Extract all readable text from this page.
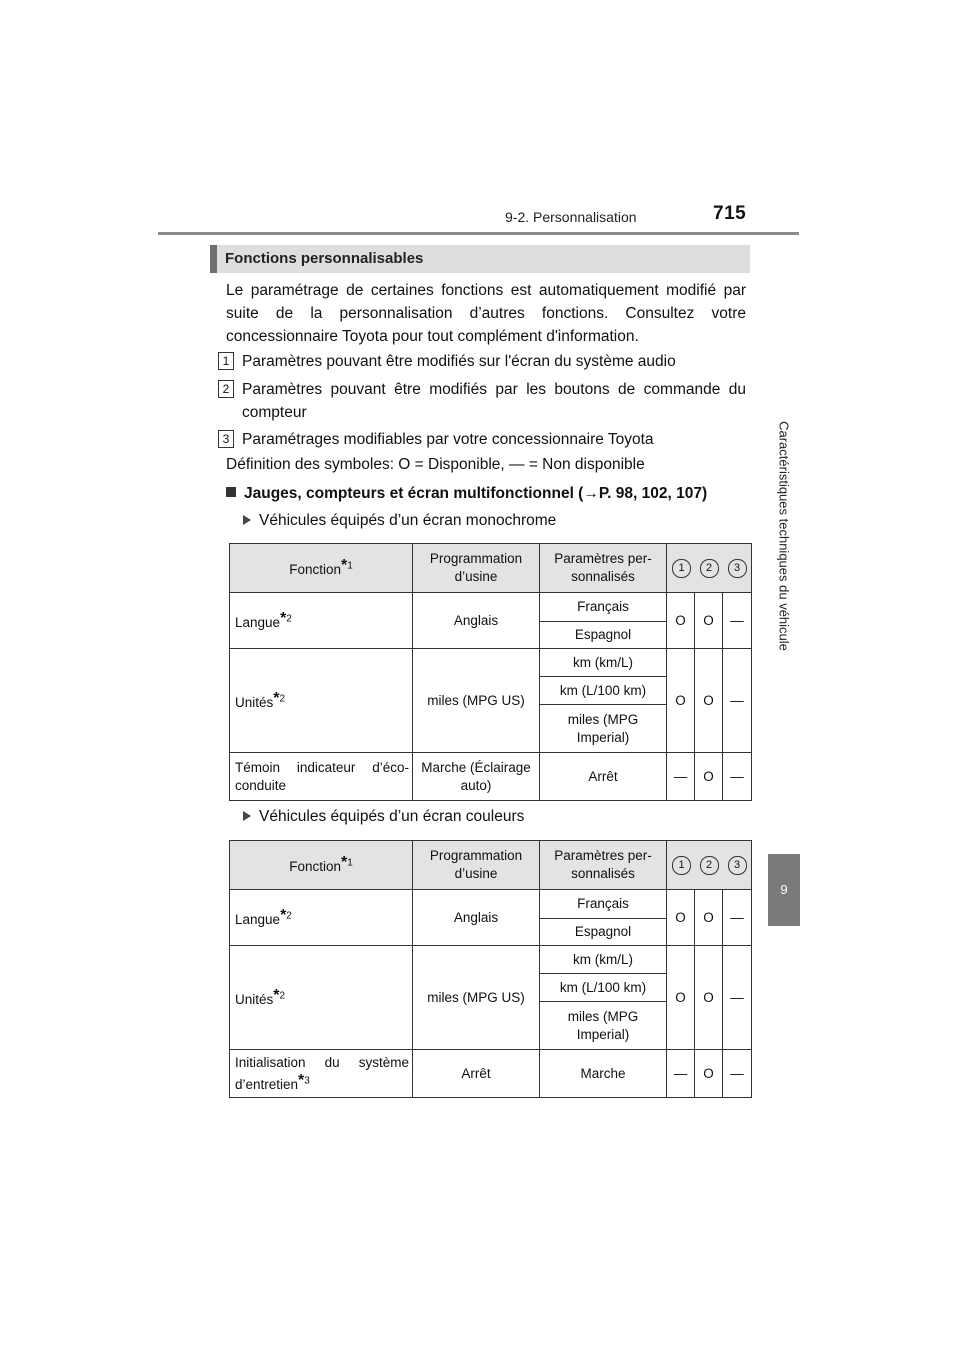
9-2. Personnalisation	715
Caractéristiques techniques du véhicule
9
Fonctions personnalisables
Le paramétrage de certaines fonctions est automatiquement modifié par suite de la personnalisation d’autres fonctions. Consultez votre concessionnaire Toyota pour tout complément d'information.
1 Paramètres pouvant être modifiés sur l'écran du système audio
2 Paramètres pouvant être modifiés par les boutons de commande du compteur
3 Paramétrages modifiables par votre concessionnaire Toyota
Définition des symboles: O = Disponible, — = Non disponible
Jauges, compteurs et écran multifonctionnel (→P. 98, 102, 107)
Véhicules équipés d’un écran monochrome
Fonction*$^1$	Programmation d’usine	Paramètres per-sonnalisés	1	2	3
Langue*$^2$	Anglais	Français	O	O	—
		Espagnol			
Unités*$^2$	miles (MPG US)	km (km/L)	O	O	—
		km (L/100 km)			
		miles (MPG Imperial)			
Témoin indicateur d’éco-conduite	Marche (Éclairage auto)	Arrêt	—	O	—
Véhicules équipés d’un écran couleurs
Fonction*$^1$	Programmation d’usine	Paramètres per-sonnalisés	1	2	3
Langue*$^2$	Anglais	Français	O	O	—
		Espagnol			
Unités*$^2$	miles (MPG US)	km (km/L)	O	O	—
		km (L/100 km)			
		miles (MPG Imperial)			
Initialisation du système d’entretien*$^3$	Arrêt	Marche	—	O	—
